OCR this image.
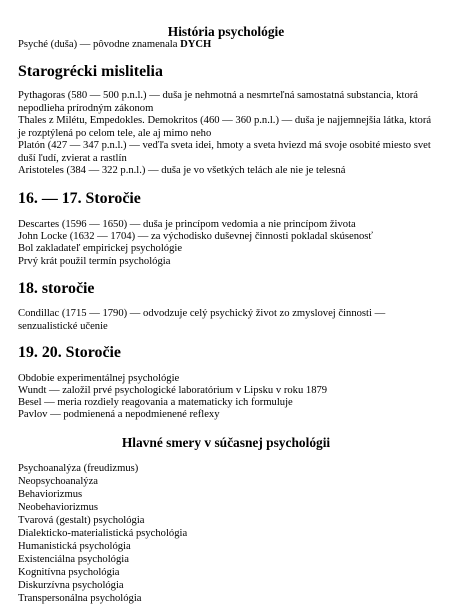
História psychológie

Psyché (duša) — pôvodne znamenala DYCH

Starogrécki mislitelia

Pythagoras (580 — 500 p.n.l.) — duša je nehmotná a nesmrteľná samostatná substancia, ktorá nepodlieha prírodným zákonom

Thales z Milétu, Empedokles. Demokritos (460 — 360 p.n.l.) — duša je najjemnejšia látka, ktorá je rozptýlená po celom tele, ale aj mimo neho

Platón (427 — 347 p.n.l.) — veďľa sveta idei, hmoty a sveta hviezd má svoje osobité miesto svet duší ľudí, zvierat a rastlín

Aristoteles (384 — 322 p.n.l.) — duša je vo všetkých telách ale nie je telesná

16. — 17. Storočie

Descartes (1596 — 1650) — duša je princípom vedomia a nie princípom života

John Locke (1632 — 1704) — za východisko duševnej činnosti pokladal skúsenosť

Bol zakladateľ empirickej psychológie

Prvý krát použil termín psychológia

18. storočie

Condillac (1715 — 1790) — odvodzuje celý psychický život zo zmyslovej činnosti — senzualistické učenie

19. 20. Storočie

Obdobie experimentálnej psychológie

Wundt — založil prvé psychologické laboratórium v Lipsku v roku 1879

Besel — meria rozdiely reagovania a matematicky ich formuluje

Pavlov — podmienená a nepodmienené reflexy

Hlavné smery v súčasnej psychológii

Psychoanalýza (freudizmus)

Neopsychoanalýza

Behaviorizmus

Neobehaviorizmus

Tvarová (gestalt) psychológia

Dialekticko-materialistická psychológia

Humanistická psychológia

Existenciálna psychológia

Kognitívna psychológia

Diskurzívna psychológia

Transpersonálna psychológia
